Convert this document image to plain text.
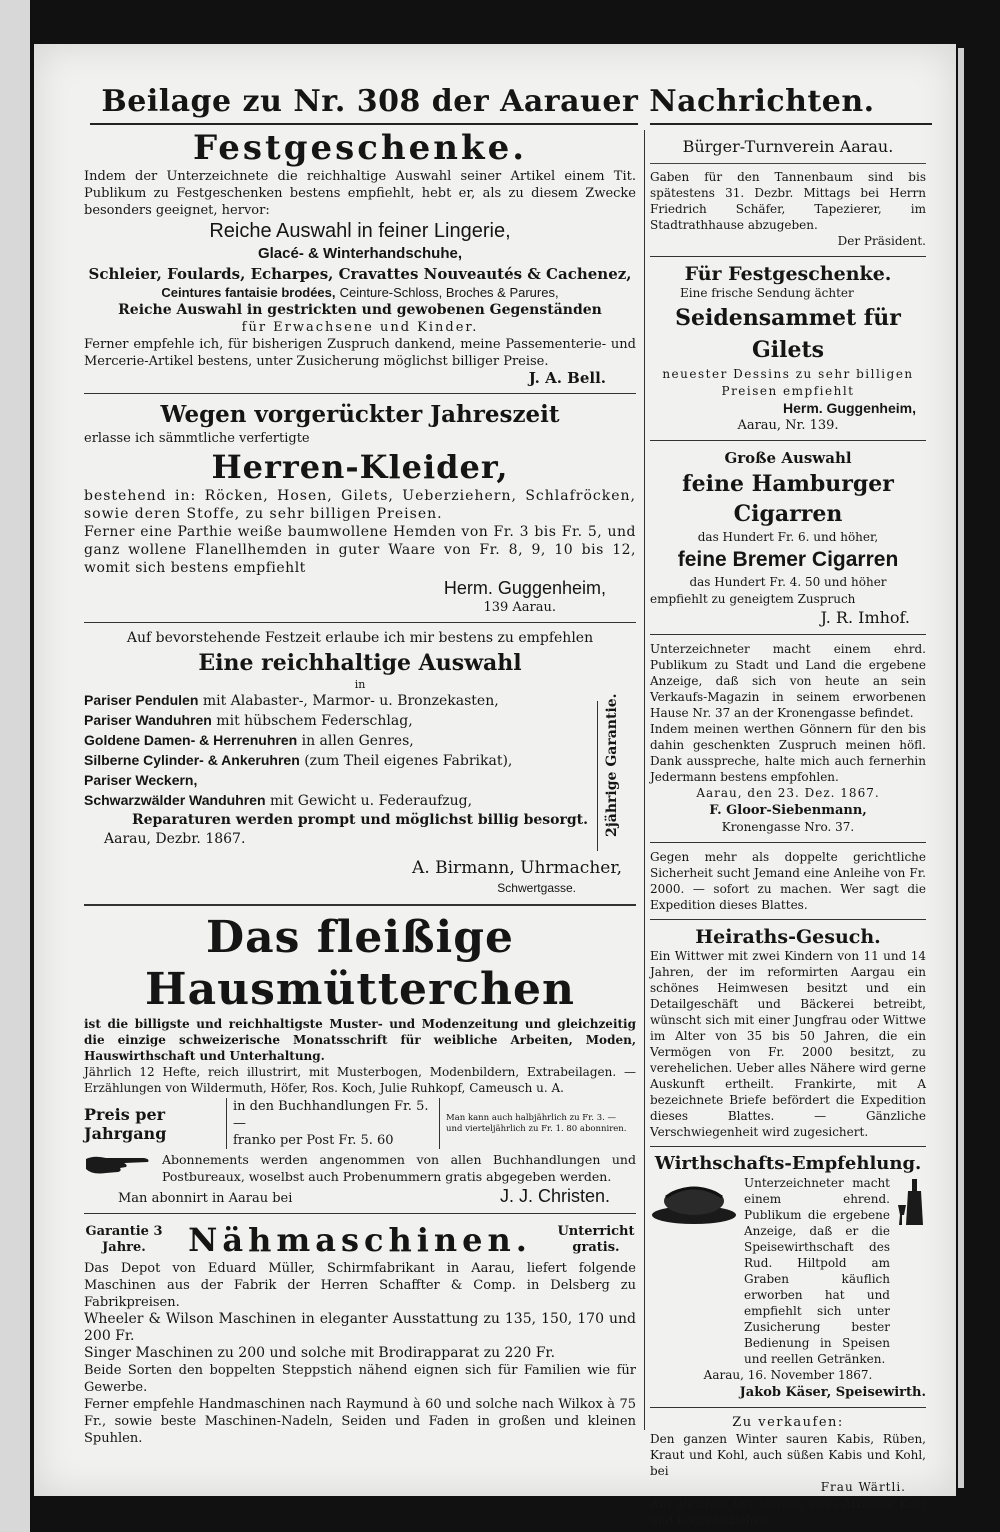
Beilage zu Nr. 308 der Aarauer Nachrichten.
Festgeschenke.

Indem der Unterzeichnete die reichhaltige Auswahl seiner Artikel einem Tit. Publikum zu Festgeschenken bestens empfiehlt, hebt er, als zu diesem Zwecke besonders geeignet, hervor:

Reiche Auswahl in feiner Lingerie,

Glacé- & Winterhandschuhe,

Schleier, Foulards, Echarpes, Cravattes Nouveautés & Cachenez,

Ceintures fantaisie brodées, Ceinture-Schloss, Broches & Parures,

Reiche Auswahl in gestrickten und gewobenen Gegenständen

für Erwachsene und Kinder.

Ferner empfehle ich, für bisherigen Zuspruch dankend, meine Passementerie- und Mercerie-Artikel bestens, unter Zusicherung möglichst billiger Preise.

J. A. Bell.

Wegen vorgerückter Jahreszeit

erlasse ich sämmtliche verfertigte

Herren-Kleider,

bestehend in: Röcken, Hosen, Gilets, Ueberziehern, Schlafröcken, sowie deren Stoffe, zu sehr billigen Preisen.

Ferner eine Parthie weiße baumwollene Hemden von Fr. 3 bis Fr. 5, und ganz wollene Flanellhemden in guter Waare von Fr. 8, 9, 10 bis 12, womit sich bestens empfiehlt

Herm. Guggenheim,

139 Aarau.

Auf bevorstehende Festzeit erlaube ich mir bestens zu empfehlen

Eine reichhaltige Auswahl

in

Pariser Pendulen mit Alabaster-, Marmor- u. Bronzekasten,

Pariser Wanduhren mit hübschem Federschlag,

Goldene Damen- & Herrenuhren in allen Genres,

Silberne Cylinder- & Ankeruhren (zum Theil eigenes Fabrikat),

Pariser Weckern,

Schwarzwälder Wanduhren mit Gewicht u. Federaufzug,	2jährige Garantie.

Reparaturen werden prompt und möglichst billig besorgt.

Aarau, Dezbr. 1867.

A. Birmann, Uhrmacher,

Schwertgasse.

Das fleißige Hausmütterchen

ist die billigste und reichhaltigste Muster- und Modenzeitung und gleichzeitig die einzige schweizerische Monatsschrift für weibliche Arbeiten, Moden, Hauswirthschaft und Unterhaltung.

Jährlich 12 Hefte, reich illustrirt, mit Musterbogen, Modenbildern, Extrabeilagen. — Erzählungen von Wildermuth, Höfer, Ros. Koch, Julie Ruhkopf, Cameusch u. A.

Preis per Jahrgang
in den Buchhandlungen Fr. 5. —
franko per Post Fr. 5. 60
Man kann auch halbjährlich zu Fr. 3. — und vierteljährlich zu Fr. 1. 80 abonniren.

Abonnements werden angenommen von allen Buchhandlungen und Postbureaux, woselbst auch Probenummern gratis abgegeben werden.

Man abonnirt in Aarau bei	J. J. Christen.

Garantie 3 Jahre.	Nähmaschinen. Unterricht gratis.

Das Depot von Eduard Müller, Schirmfabrikant in Aarau, liefert folgende Maschinen aus der Fabrik der Herren Schaffter & Comp. in Delsberg zu Fabrikpreisen.

Wheeler & Wilson Maschinen in eleganter Ausstattung zu 135, 150, 170 und 200 Fr.

Singer Maschinen zu 200 und solche mit Brodirapparat zu 220 Fr.

Beide Sorten den boppelten Steppstich nähend eignen sich für Familien wie für Gewerbe.

Ferner empfehle Handmaschinen nach Raymund à 60 und solche nach Wilkox à 75 Fr., sowie beste Maschinen-Nadeln, Seiden und Faden in großen und kleinen Spuhlen.

Bürger-Turnverein Aarau.

Gaben für den Tannenbaum sind bis spätestens 31. Dezbr. Mittags bei Herrn Friedrich Schäfer, Tapezierer, im Stadtrathhause abzugeben.

Der Präsident.

Für Festgeschenke.

Eine frische Sendung ächter

Seidensammet für Gilets

neuester Dessins zu sehr billigen Preisen empfiehlt

Herm. Guggenheim,

Aarau, Nr. 139.

Große Auswahl
feine Hamburger Cigarren

das Hundert Fr. 6. und höher,

feine Bremer Cigarren

das Hundert Fr. 4. 50 und höher

empfiehlt zu geneigtem Zuspruch

J. R. Imhof.

Unterzeichneter macht einem ehrd. Publikum zu Stadt und Land die ergebene Anzeige, daß sich von heute an sein Verkaufs-Magazin in seinem erworbenen Hause Nr. 37 an der Kronengasse befindet.

Indem meinen werthen Gönnern für den bis dahin geschenkten Zuspruch meinen höfl. Dank ausspreche, halte mich auch fernerhin Jedermann bestens empfohlen.

Aarau, den 23. Dez. 1867.

F. Gloor-Siebenmann,

Kronengasse Nro. 37.

Gegen mehr als doppelte gerichtliche Sicherheit sucht Jemand eine Anleihe von Fr. 2000. — sofort zu machen. Wer sagt die Expedition dieses Blattes.

Heiraths-Gesuch.

Ein Wittwer mit zwei Kindern von 11 und 14 Jahren, der im reformirten Aargau ein schönes Heimwesen besitzt und ein Detailgeschäft und Bäckerei betreibt, wünscht sich mit einer Jungfrau oder Wittwe im Alter von 35 bis 50 Jahren, die ein Vermögen von Fr. 2000 besitzt, zu verehelichen. Ueber alles Nähere wird gerne Auskunft ertheilt. Frankirte, mit A bezeichnete Briefe befördert die Expedition dieses Blattes. — Gänzliche Verschwiegenheit wird zugesichert.

Wirthschafts-Empfehlung.

Unterzeichneter macht einem ehrend. Publikum die ergebene Anzeige, daß er die Speisewirthschaft des Rud. Hiltpold am Graben käuflich erworben hat und empfiehlt sich unter Zusicherung bester Bedienung in Speisen und reellen Getränken.

Aarau, 16. November 1867.

Jakob Käser, Speisewirth.

Zu verkaufen:

Den ganzen Winter sauren Kabis, Rüben, Kraut und Kohl, auch süßen Kabis und Kohl, bei

Frau Wärtli.

Am gleichen Ort können zwei Arbeiter Kost und Logis beziehen.
